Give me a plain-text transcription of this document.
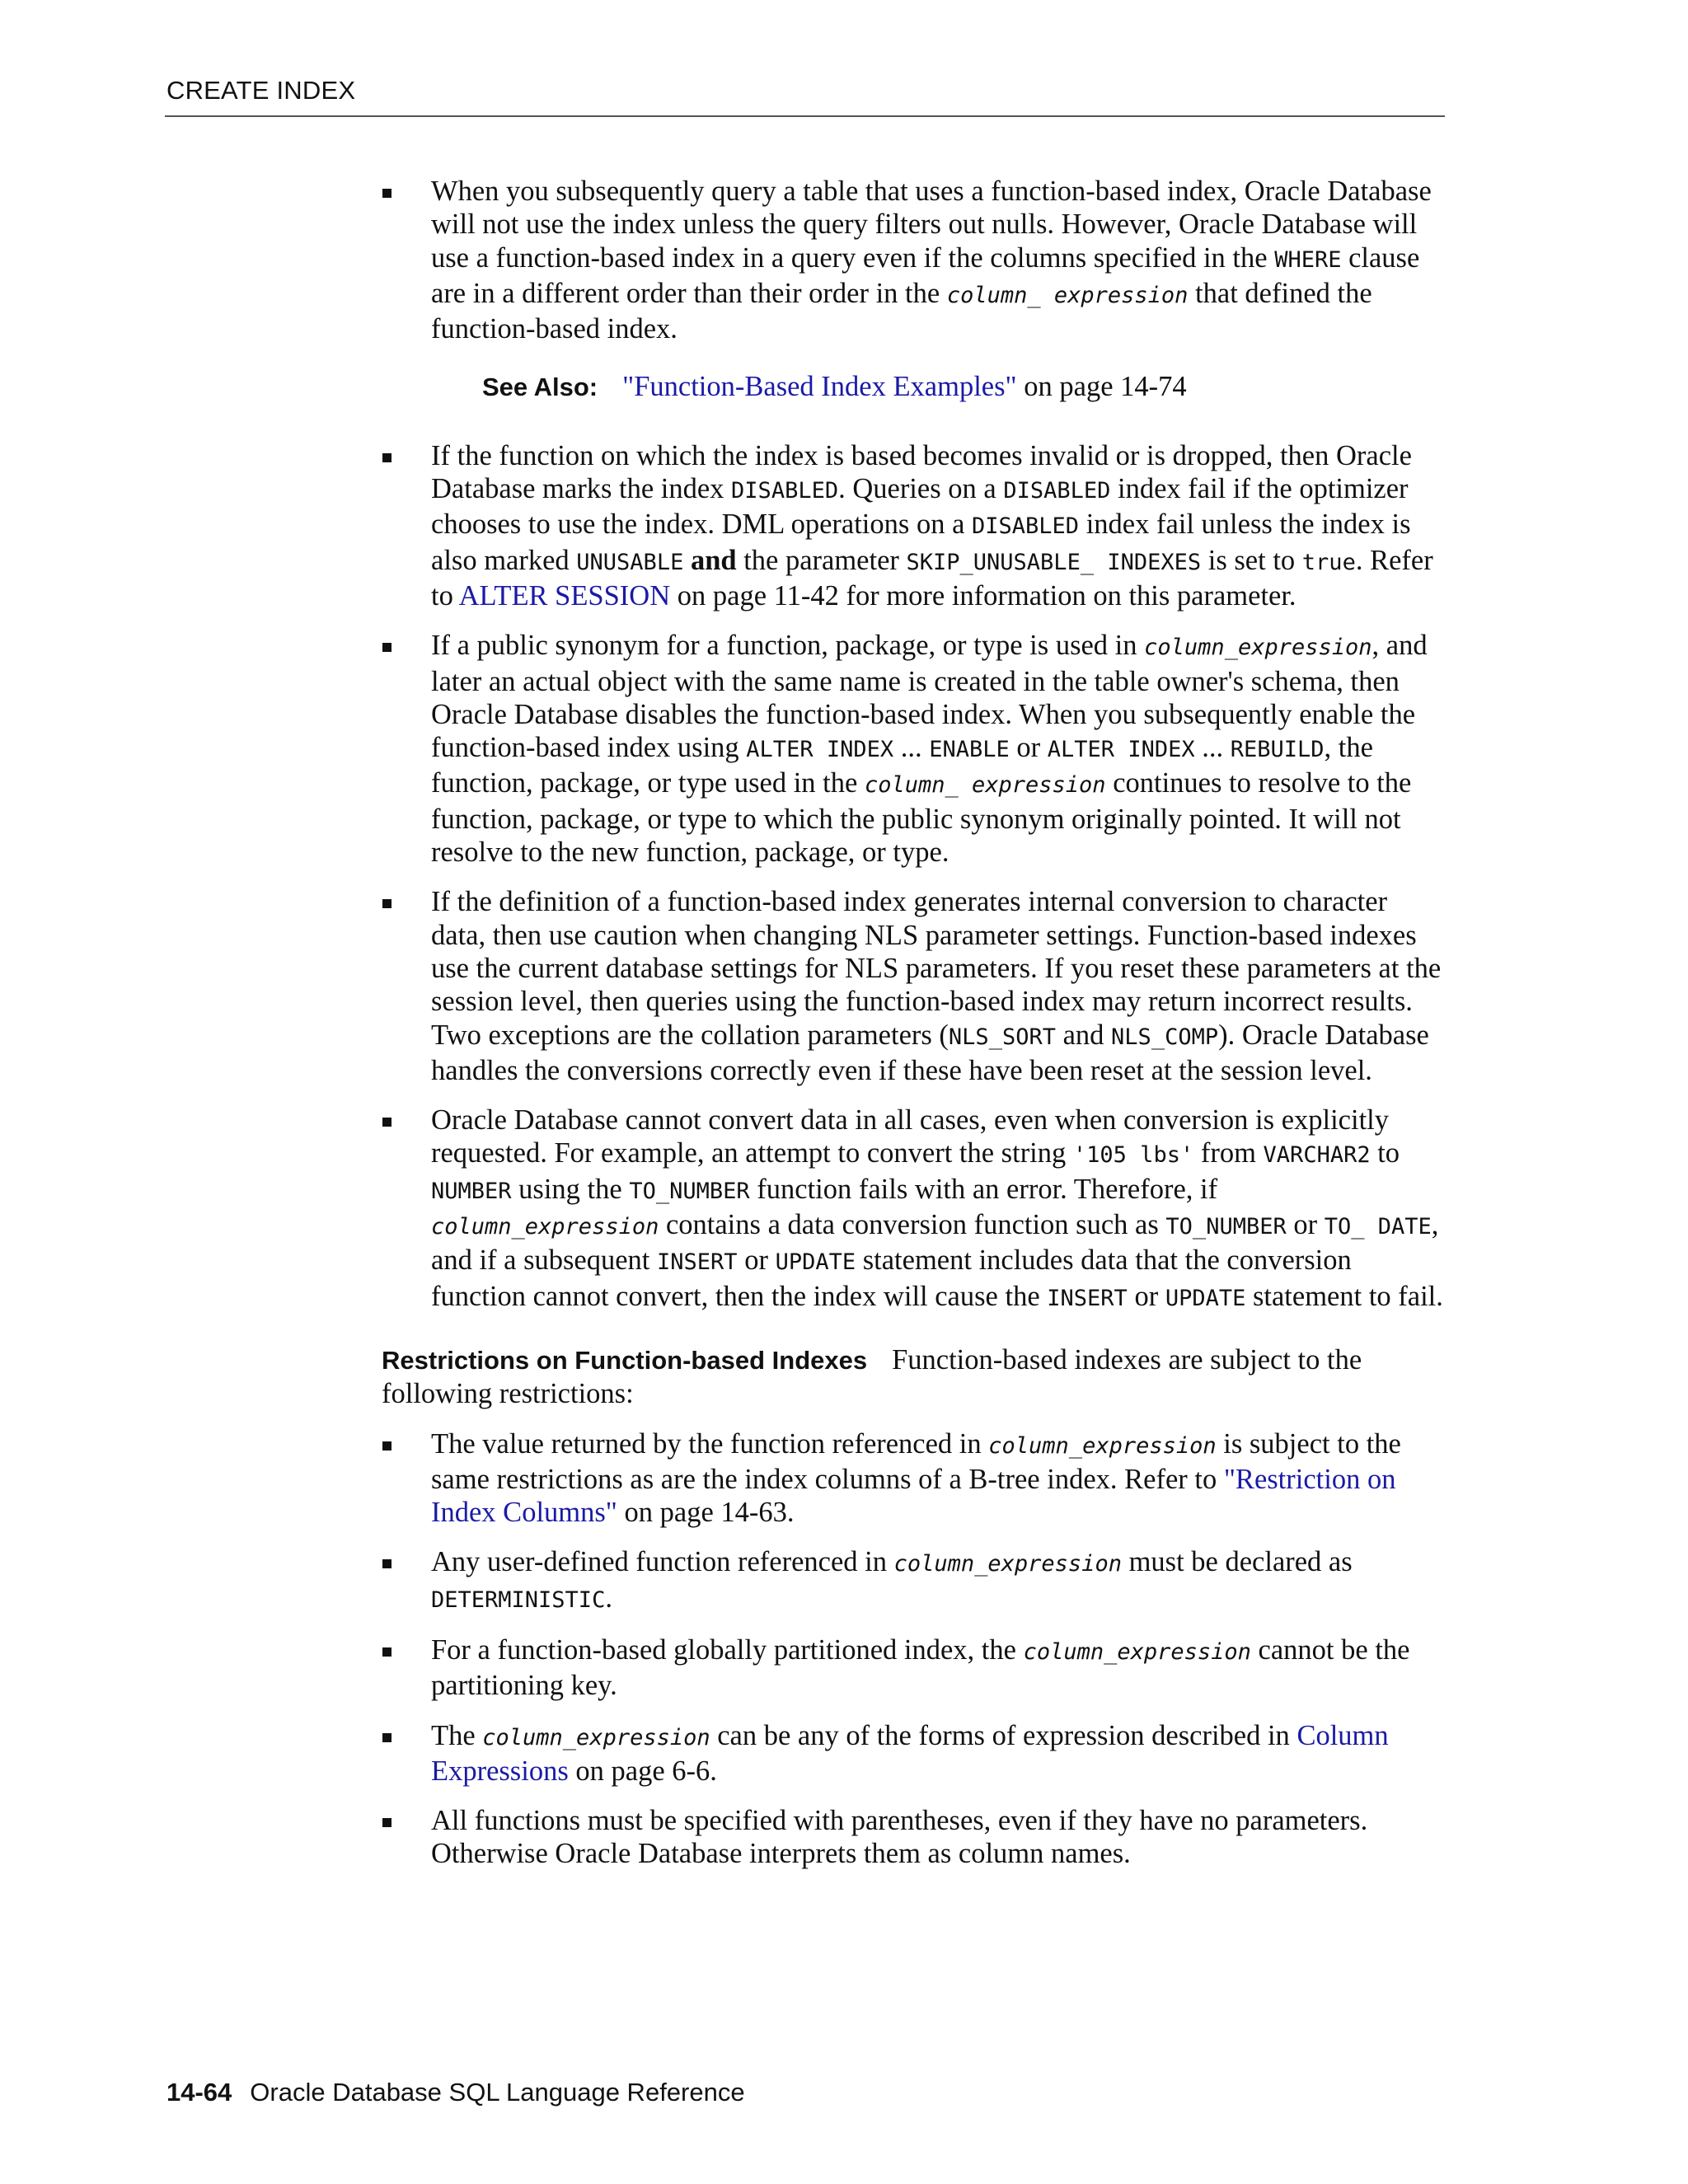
CREATE INDEX
When you subsequently query a table that uses a function-based index, Oracle Database will not use the index unless the query filters out nulls. However, Oracle Database will use a function-based index in a query even if the columns specified in the WHERE clause are in a different order than their order in the column_ expression that defined the function-based index.
See Also: "Function-Based Index Examples" on page 14-74
If the function on which the index is based becomes invalid or is dropped, then Oracle Database marks the index DISABLED. Queries on a DISABLED index fail if the optimizer chooses to use the index. DML operations on a DISABLED index fail unless the index is also marked UNUSABLE and the parameter SKIP_UNUSABLE_ INDEXES is set to true. Refer to ALTER SESSION on page 11-42 for more information on this parameter.
If a public synonym for a function, package, or type is used in column_expression, and later an actual object with the same name is created in the table owner's schema, then Oracle Database disables the function-based index. When you subsequently enable the function-based index using ALTER INDEX ... ENABLE or ALTER INDEX ... REBUILD, the function, package, or type used in the column_ expression continues to resolve to the function, package, or type to which the public synonym originally pointed. It will not resolve to the new function, package, or type.
If the definition of a function-based index generates internal conversion to character data, then use caution when changing NLS parameter settings. Function-based indexes use the current database settings for NLS parameters. If you reset these parameters at the session level, then queries using the function-based index may return incorrect results. Two exceptions are the collation parameters (NLS_SORT and NLS_COMP). Oracle Database handles the conversions correctly even if these have been reset at the session level.
Oracle Database cannot convert data in all cases, even when conversion is explicitly requested. For example, an attempt to convert the string '105 lbs' from VARCHAR2 to NUMBER using the TO_NUMBER function fails with an error. Therefore, if column_expression contains a data conversion function such as TO_NUMBER or TO_ DATE, and if a subsequent INSERT or UPDATE statement includes data that the conversion function cannot convert, then the index will cause the INSERT or UPDATE statement to fail.

Restrictions on Function-based Indexes Function-based indexes are subject to the following restrictions:

The value returned by the function referenced in column_expression is subject to the same restrictions as are the index columns of a B-tree index. Refer to "Restriction on Index Columns" on page 14-63.
Any user-defined function referenced in column_expression must be declared as DETERMINISTIC.
For a function-based globally partitioned index, the column_expression cannot be the partitioning key.
The column_expression can be any of the forms of expression described in Column Expressions on page 6-6.
All functions must be specified with parentheses, even if they have no parameters. Otherwise Oracle Database interprets them as column names.
14-64 Oracle Database SQL Language Reference
